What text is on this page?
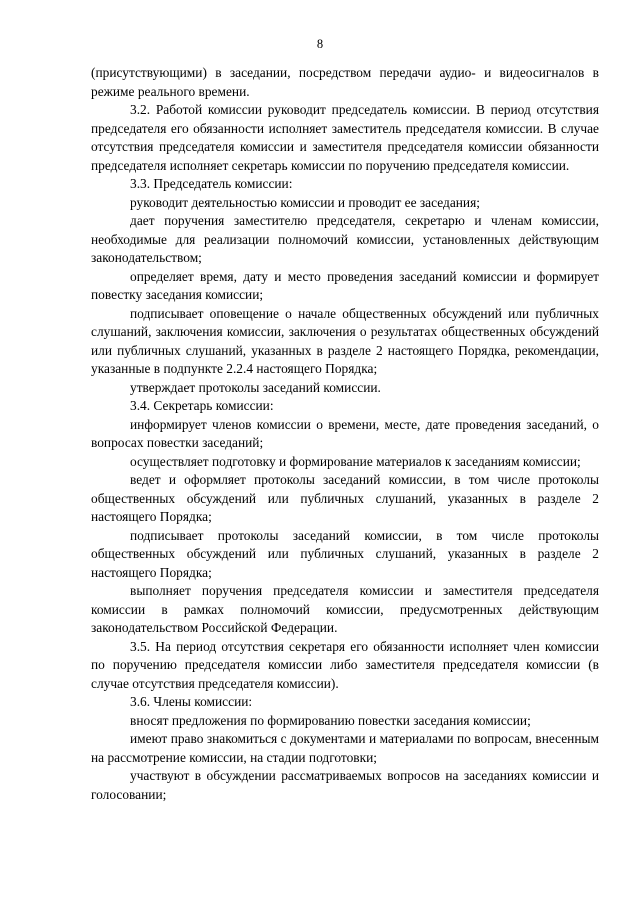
8

(присутствующими) в заседании, посредством передачи аудио- и видеосигналов в режиме реального времени.

3.2. Работой комиссии руководит председатель комиссии. В период отсутствия председателя его обязанности исполняет заместитель председателя комиссии. В случае отсутствия председателя комиссии и заместителя председателя комиссии обязанности председателя исполняет секретарь комиссии по поручению председателя комиссии.

3.3. Председатель комиссии:

руководит деятельностью комиссии и проводит ее заседания;

дает поручения заместителю председателя, секретарю и членам комиссии, необходимые для реализации полномочий комиссии, установленных действующим законодательством;

определяет время, дату и место проведения заседаний комиссии и формирует повестку заседания комиссии;

подписывает оповещение о начале общественных обсуждений или публичных слушаний, заключения комиссии, заключения о результатах общественных обсуждений или публичных слушаний, указанных в разделе 2 настоящего Порядка, рекомендации, указанные в подпункте 2.2.4 настоящего Порядка;

утверждает протоколы заседаний комиссии.

3.4. Секретарь комиссии:

информирует членов комиссии о времени, месте, дате проведения заседаний, о вопросах повестки заседаний;

осуществляет подготовку и формирование материалов к заседаниям комиссии;

ведет и оформляет протоколы заседаний комиссии, в том числе протоколы общественных обсуждений или публичных слушаний, указанных в разделе 2 настоящего Порядка;

подписывает протоколы заседаний комиссии, в том числе протоколы общественных обсуждений или публичных слушаний, указанных в разделе 2 настоящего Порядка;

выполняет поручения председателя комиссии и заместителя председателя комиссии в рамках полномочий комиссии, предусмотренных действующим законодательством Российской Федерации.

3.5. На период отсутствия секретаря его обязанности исполняет член комиссии по поручению председателя комиссии либо заместителя председателя комиссии (в случае отсутствия председателя комиссии).

3.6. Члены комиссии:

вносят предложения по формированию повестки заседания комиссии;

имеют право знакомиться с документами и материалами по вопросам, внесенным на рассмотрение комиссии, на стадии подготовки;

участвуют в обсуждении рассматриваемых вопросов на заседаниях комиссии и голосовании;
